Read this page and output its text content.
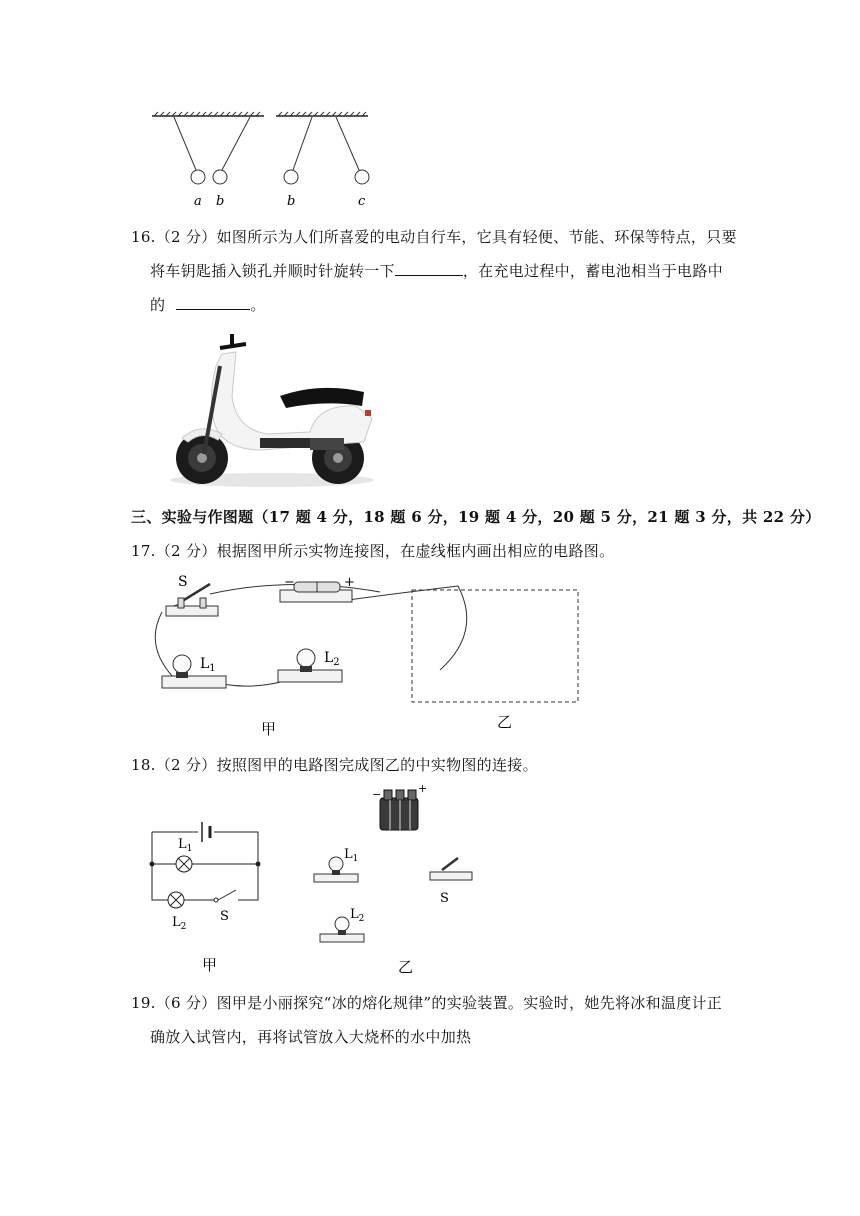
a b	b	c
16.（2 分）如图所示为人们所喜爱的电动自行车，它具有轻便、节能、环保等特点，只要
将车钥匙插入锁孔并顺时针旋转一下	，在充电过程中，蓄电池相当于电路中
的	。
三、实验与作图题（17 题 4 分，18 题 6 分，19 题 4 分，20 题 5 分，21 题 3 分，共 22 分）
17.（2 分）根据图甲所示实物连接图，在虚线框内画出相应的电路图。
S	−	+
$L_1$
$L_2$
甲	乙
18.（2 分）按照图甲的电路图完成图乙的中实物图的连接。
$L_1$
$L_2$
S
−	+
$L_1$
S
$L_2$
甲	乙
19.（6 分）图甲是小丽探究“冰的熔化规律”的实验装置。实验时，她先将冰和温度计正
确放入试管内，再将试管放入大烧杯的水中加热
